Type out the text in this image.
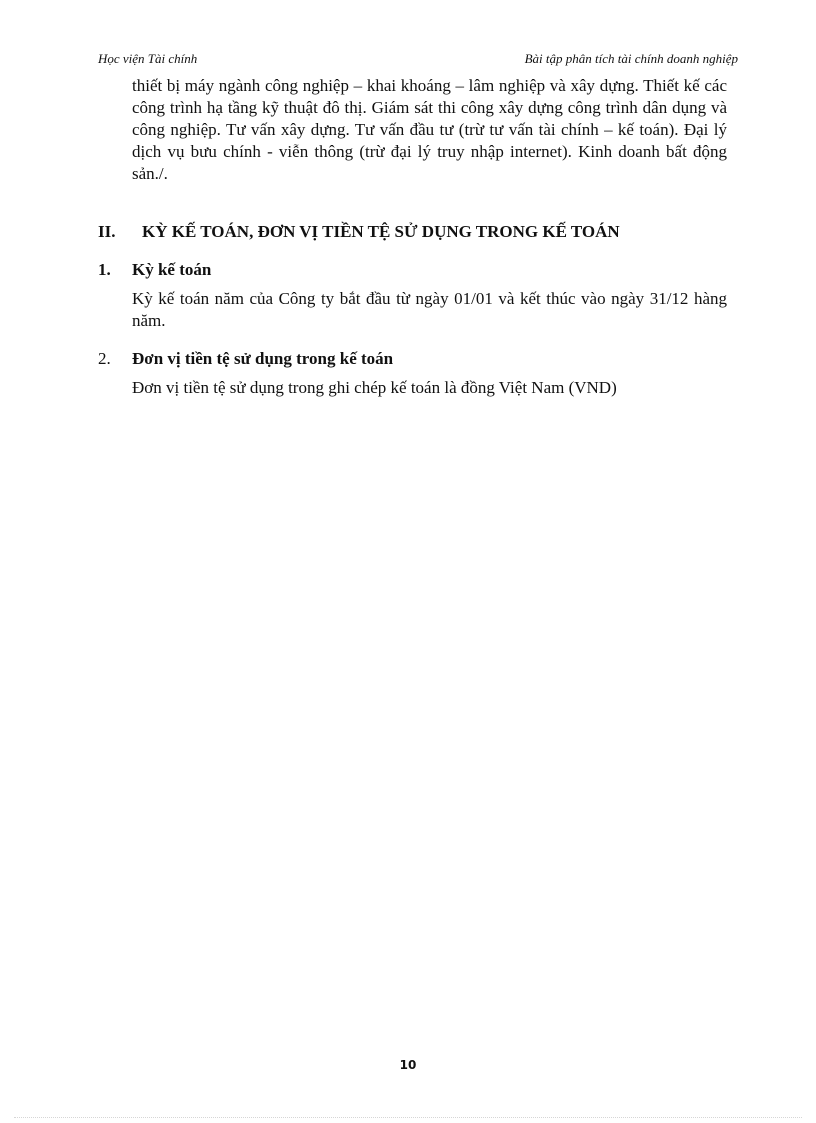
Học viện Tài chính	Bài tập phân tích tài chính doanh nghiệp
thiết bị máy ngành công nghiệp – khai khoáng – lâm nghiệp và xây dựng. Thiết kế các công trình hạ tầng kỹ thuật đô thị. Giám sát thi công xây dựng công trình dân dụng và công nghiệp. Tư vấn xây dựng. Tư vấn đầu tư (trừ tư vấn tài chính – kế toán). Đại lý dịch vụ bưu chính - viễn thông (trừ đại lý truy nhập internet). Kinh doanh bất động sản./.
II. KỲ KẾ TOÁN, ĐƠN VỊ TIỀN TỆ SỬ DỤNG TRONG KẾ TOÁN
1. Kỳ kế toán
Kỳ kế toán năm của Công ty bắt đầu từ ngày 01/01 và kết thúc vào ngày 31/12 hàng năm.
2. Đơn vị tiền tệ sử dụng trong kế toán
Đơn vị tiền tệ sử dụng trong ghi chép kế toán là đồng Việt Nam (VND)
10
